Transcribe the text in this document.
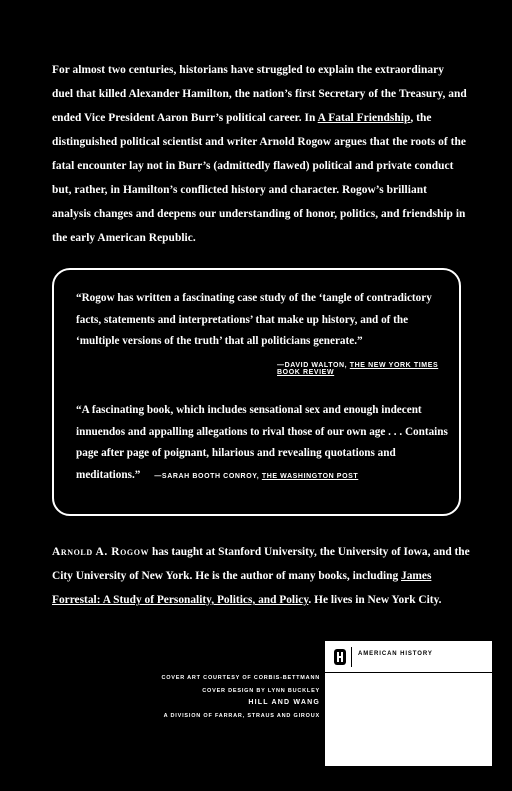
For almost two centuries, historians have struggled to explain the extraordinary duel that killed Alexander Hamilton, the nation’s first Secretary of the Treasury, and ended Vice President Aaron Burr’s political career. In A Fatal Friendship, the distinguished political scientist and writer Arnold Rogow argues that the roots of the fatal encounter lay not in Burr’s (admittedly flawed) political and private conduct but, rather, in Hamilton’s conflicted history and character. Rogow’s brilliant analysis changes and deepens our understanding of honor, politics, and friendship in the early American Republic.
“Rogow has written a fascinating case study of the ‘tangle of contradictory facts, statements and interpretations’ that make up history, and of the ‘multiple versions of the truth’ that all politicians generate.”
—DAVID WALTON, THE NEW YORK TIMES BOOK REVIEW
“A fascinating book, which includes sensational sex and enough indecent innuendos and appalling allegations to rival those of our own age . . . Contains page after page of poignant, hilarious and revealing quotations and meditations.” —SARAH BOOTH CONROY, THE WASHINGTON POST
Arnold A. Rogow has taught at Stanford University, the University of Iowa, and the City University of New York. He is the author of many books, including James Forrestal: A Study of Personality, Politics, and Policy. He lives in New York City.
COVER ART COURTESY OF CORBIS-BETTMANN
COVER DESIGN BY LYNN BUCKLEY
HILL AND WANG
A DIVISION OF FARRAR, STRAUS AND GIROUX
AMERICAN HISTORY
